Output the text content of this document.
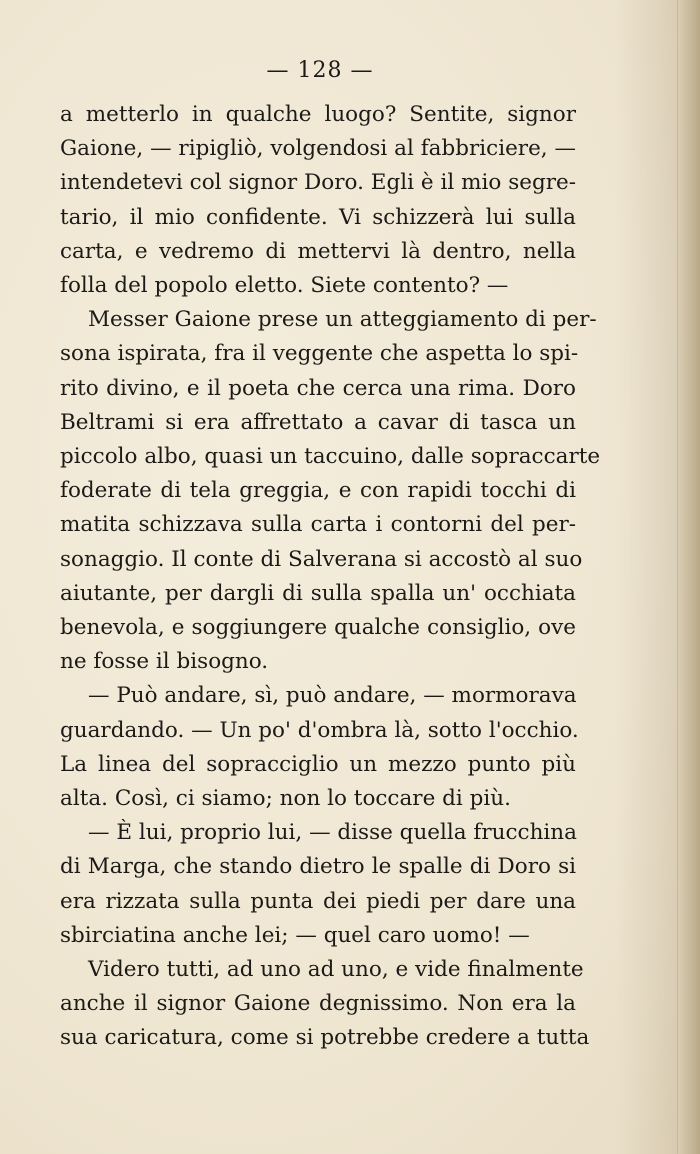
— 128 —
a metterlo in qualche luogo? Sentite, signor
Gaione, — ripigliò, volgendosi al fabbriciere, —
intendetevi col signor Doro. Egli è il mio segre-
tario, il mio confidente. Vi schizzerà lui sulla
carta, e vedremo di mettervi là dentro, nella
folla del popolo eletto. Siete contento? —
Messer Gaione prese un atteggiamento di per-
sona ispirata, fra il veggente che aspetta lo spi-
rito divino, e il poeta che cerca una rima. Doro
Beltrami si era affrettato a cavar di tasca un
piccolo albo, quasi un taccuino, dalle sopraccarte
foderate di tela greggia, e con rapidi tocchi di
matita schizzava sulla carta i contorni del per-
sonaggio. Il conte di Salverana si accostò al suo
aiutante, per dargli di sulla spalla un' occhiata
benevola, e soggiungere qualche consiglio, ove
ne fosse il bisogno.
— Può andare, sì, può andare, — mormorava
guardando. — Un po' d'ombra là, sotto l'occhio.
La linea del sopracciglio un mezzo punto più
alta. Così, ci siamo; non lo toccare di più.
— È lui, proprio lui, — disse quella frucchina
di Marga, che stando dietro le spalle di Doro si
era rizzata sulla punta dei piedi per dare una
sbirciatina anche lei; — quel caro uomo! —
Videro tutti, ad uno ad uno, e vide finalmente
anche il signor Gaione degnissimo. Non era la
sua caricatura, come si potrebbe credere a tutta
